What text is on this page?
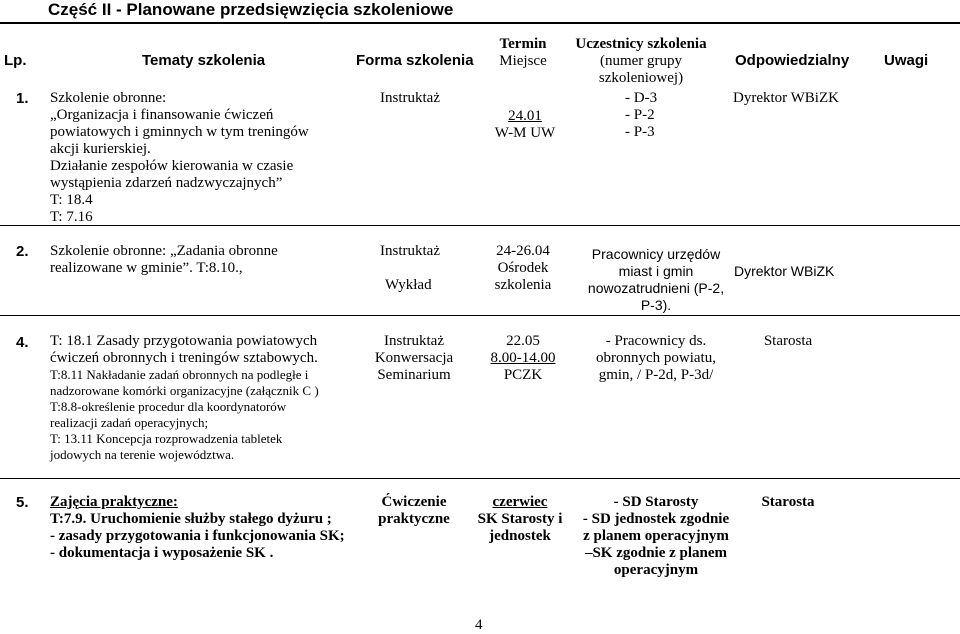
Część II - Planowane przedsięwzięcia szkoleniowe
Lp.	Tematy szkolenia	Forma szkolenia
Termin
Miejsce
Uczestnicy szkolenia
(numer grupy
szkoleniowej)
Odpowiedzialny Uwagi
1. Szkolenie obronne:
„Organizacja i finansowanie ćwiczeń
powiatowych i gminnych w tym treningów
akcji kurierskiej.
Działanie zespołów kierowania w czasie
wystąpienia zdarzeń nadzwyczajnych”
T: 18.4
T: 7.16
Instruktaż
24.01
W-M UW
- D-3
- P-2
- P-3
Dyrektor WBiZK
2. Szkolenie obronne: „Zadania obronne
realizowane w gminie”. T:8.10.,
Instruktaż

Wykład
24-26.04
Ośrodek
szkolenia
Pracownicy urzędów
miast i gmin
nowozatrudnieni (P-2,
P-3).
Dyrektor WBiZK
4. T: 18.1 Zasady przygotowania powiatowych
ćwiczeń obronnych i treningów sztabowych.
T:8.11 Nakładanie zadań obronnych na podległe i
nadzorowane komórki organizacyjne (załącznik C )
T:8.8-określenie procedur dla koordynatorów
realizacji zadań operacyjnych;
T: 13.11 Koncepcja rozprowadzenia tabletek
jodowych na terenie województwa.
Instruktaż
Konwersacja
Seminarium
22.05
8.00-14.00
PCZK
- Pracownicy ds.
obronnych powiatu,
gmin, / P-2d, P-3d/
Starosta
5. Zajęcia praktyczne:
T:7.9. Uruchomienie służby stałego dyżuru ;
- zasady przygotowania i funkcjonowania SK;
- dokumentacja i wyposażenie SK .
Ćwiczenie
praktyczne
czerwiec
SK Starosty i
jednostek
- SD Starosty
- SD jednostek zgodnie
z planem operacyjnym
–SK zgodnie z planem
operacyjnym
Starosta
4
